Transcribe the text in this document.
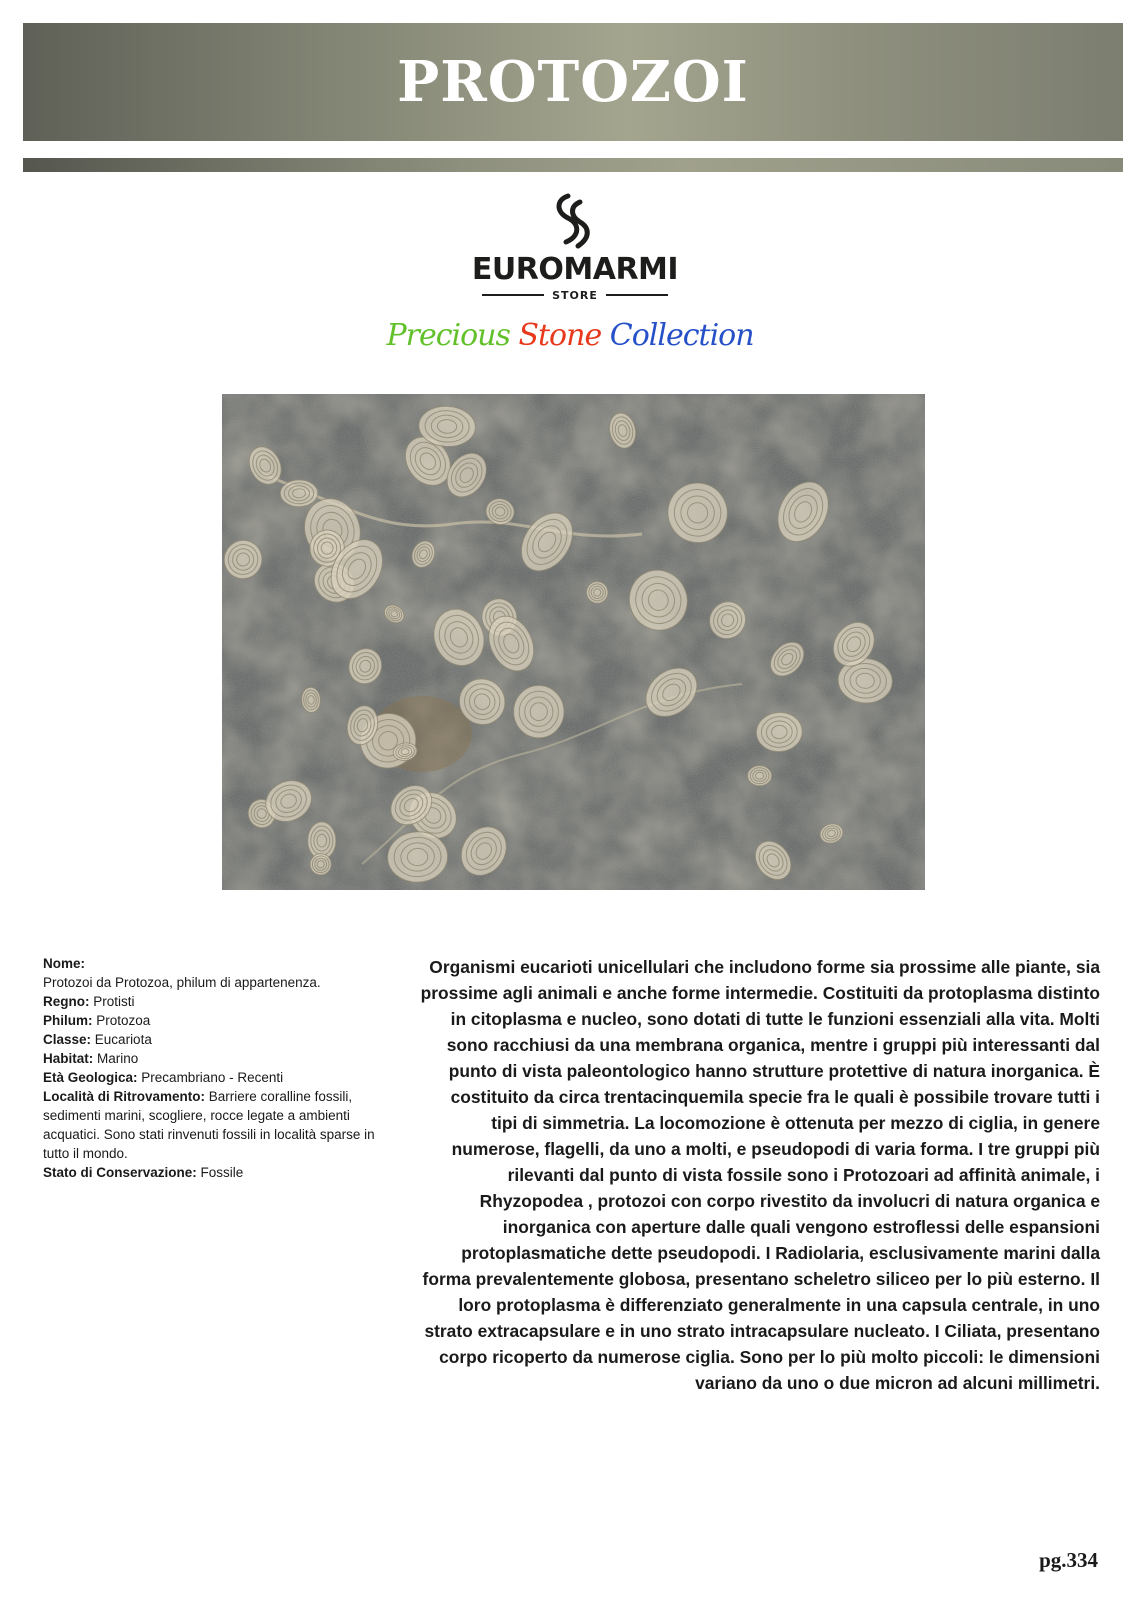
PROTOZOI
EUROMARMI
STORE
Precious Stone Collection

Nome:

Protozoi da Protozoa, philum di appartenenza.

Regno: Protisti

Philum: Protozoa

Classe: Eucariota

Habitat: Marino

Età Geologica: Precambriano - Recenti

Località di Ritrovamento: Barriere coralline fossili, sedimenti marini, scogliere, rocce legate a ambienti acquatici. Sono stati rinvenuti fossili in località sparse in tutto il mondo.

Stato di Conservazione: Fossile

Organismi eucarioti unicellulari che includono forme sia prossime alle piante, sia prossime agli animali e anche forme intermedie. Costituiti da protoplasma distinto in citoplasma e nucleo, sono dotati di tutte le funzioni essenziali alla vita. Molti sono racchiusi da una membrana organica, mentre i gruppi più interessanti dal punto di vista paleontologico hanno strutture protettive di natura inorganica. È costituito da circa trentacinquemila specie fra le quali è possibile trovare tutti i tipi di simmetria. La locomozione è ottenuta per mezzo di ciglia, in genere numerose, flagelli, da uno a molti, e pseudopodi di varia forma. I tre gruppi più rilevanti dal punto di vista fossile sono i Protozoari ad affinità animale, i Rhyzopodea , protozoi con corpo rivestito da involucri di natura organica e inorganica con aperture dalle quali vengono estroflessi delle espansioni protoplasmatiche dette pseudopodi. I Radiolaria, esclusivamente marini dalla forma prevalentemente globosa, presentano scheletro siliceo per lo più esterno. Il loro protoplasma è differenziato generalmente in una capsula centrale, in uno strato extracapsulare e in uno strato intracapsulare nucleato. I Ciliata, presentano corpo ricoperto da numerose ciglia. Sono per lo più molto piccoli: le dimensioni variano da uno o due micron ad alcuni millimetri.
pg.334
